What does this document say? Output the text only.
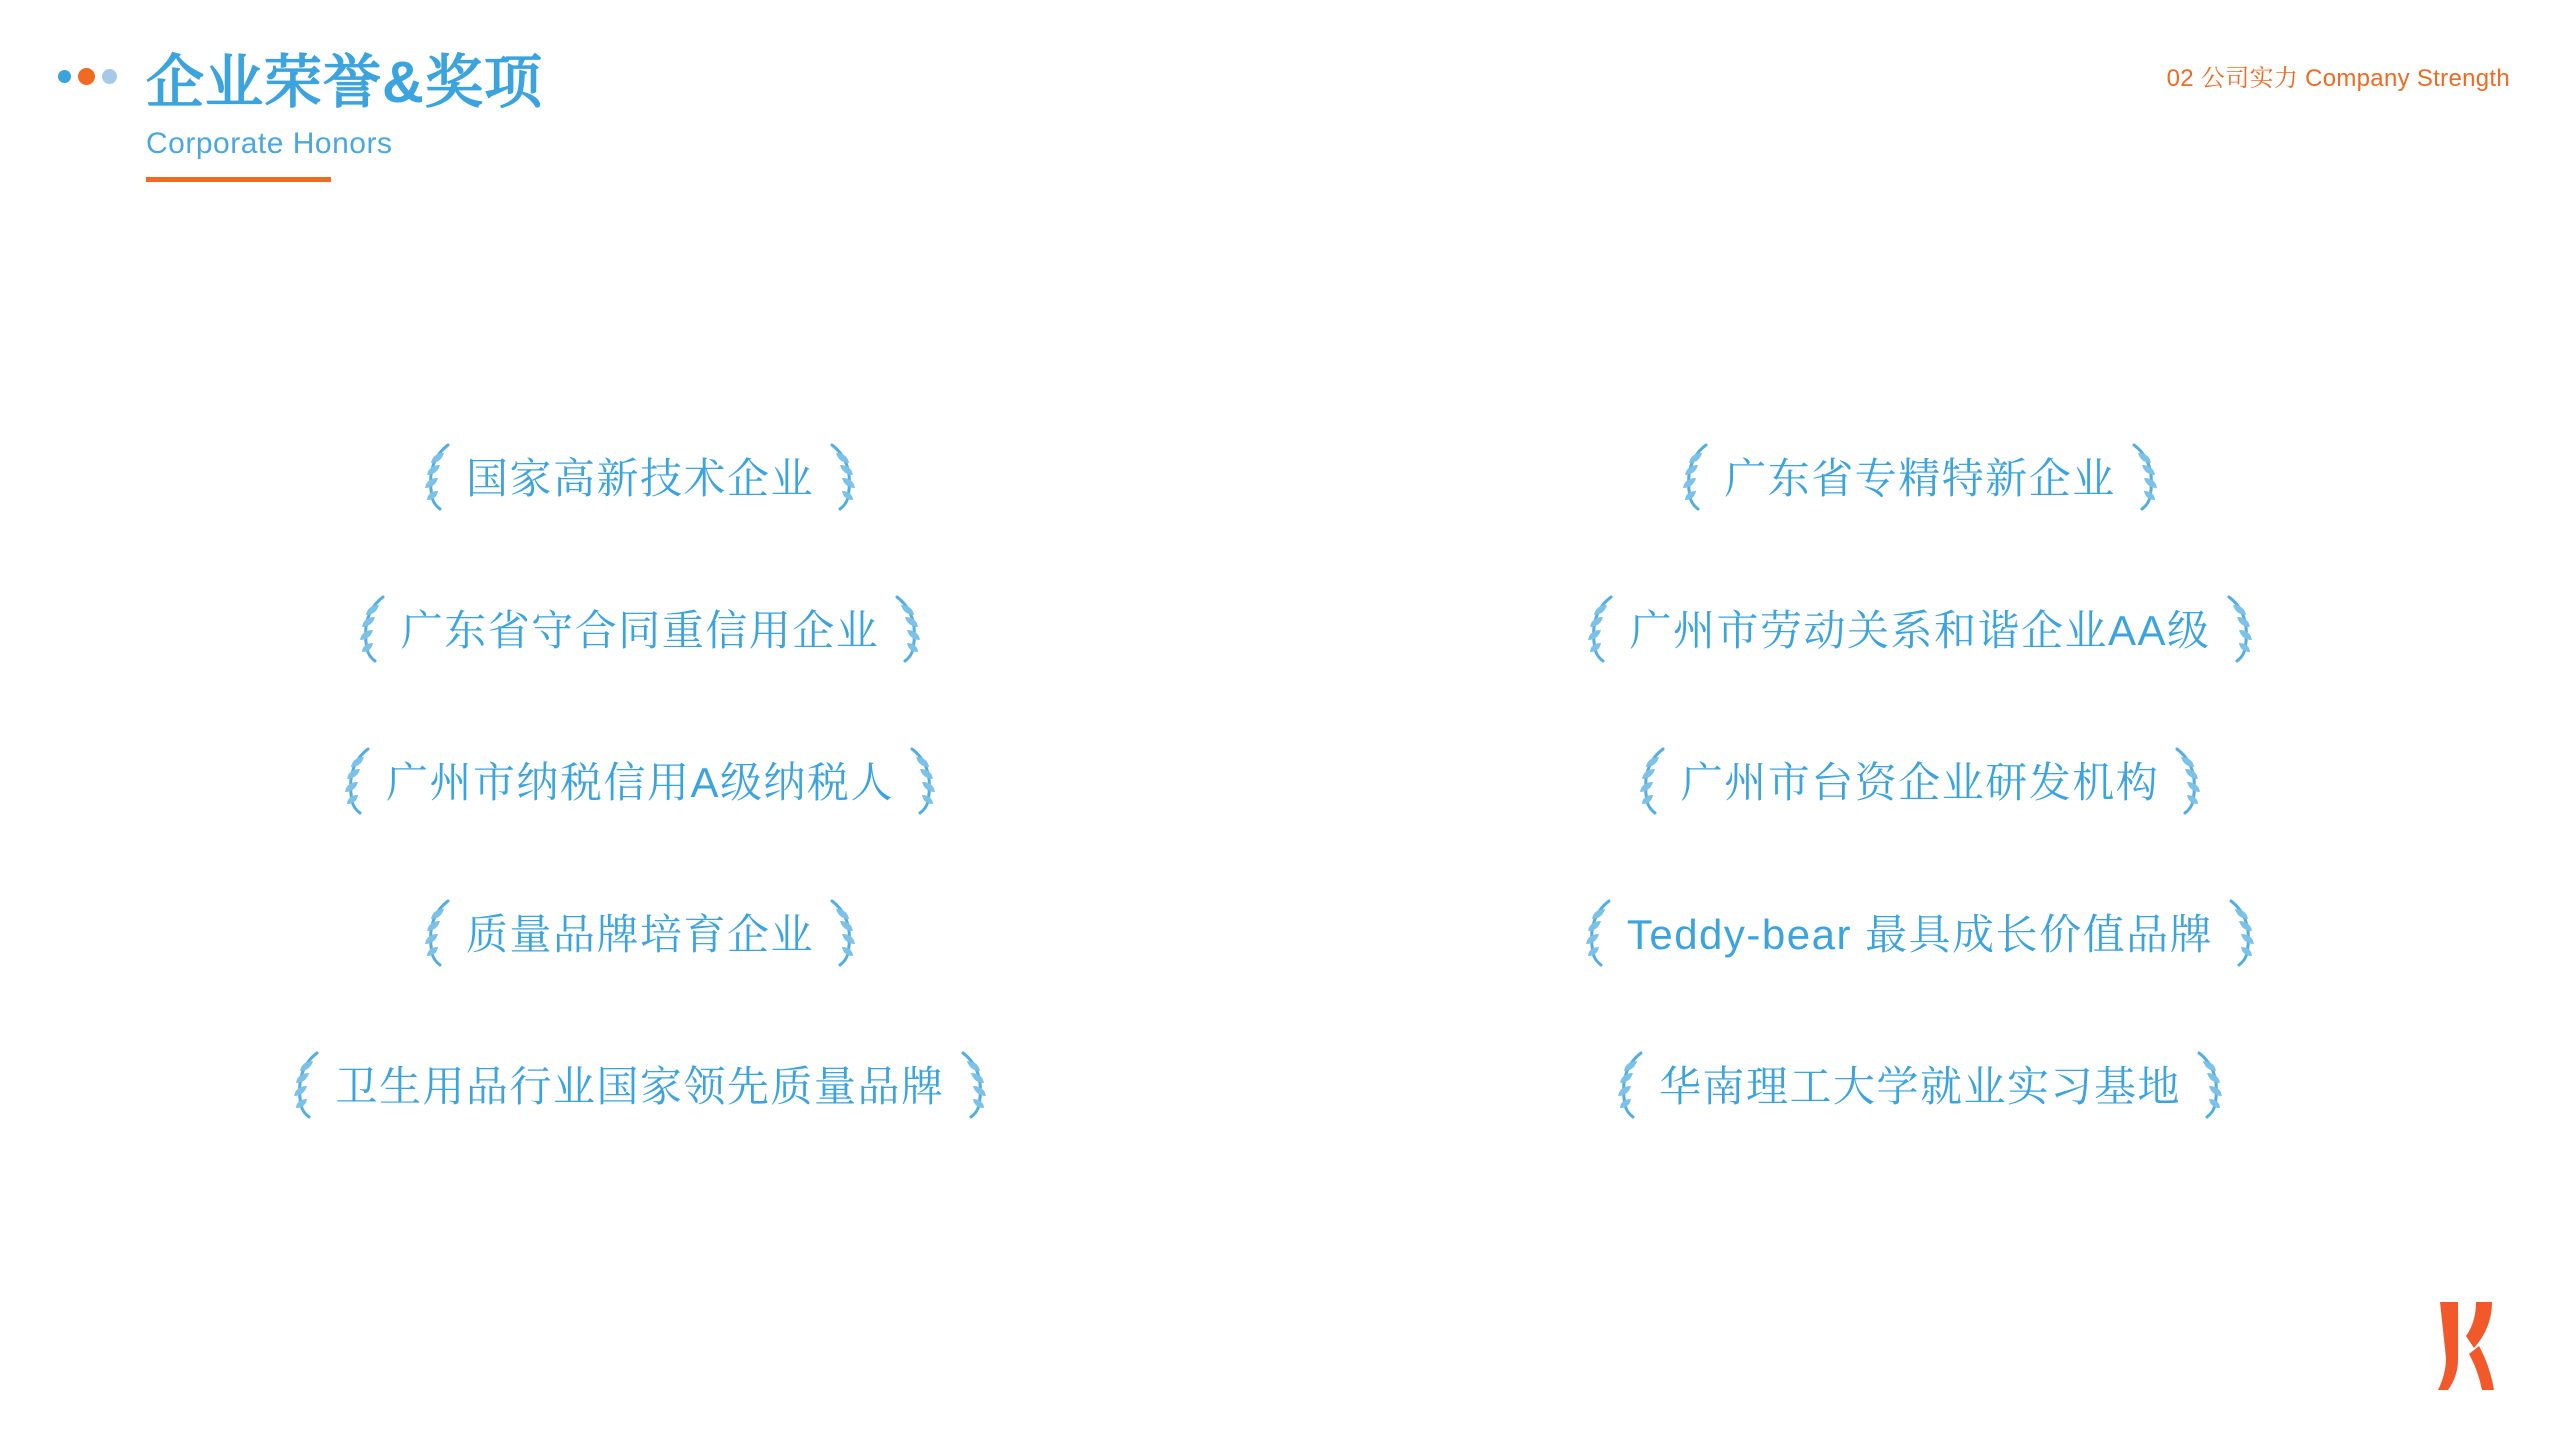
企业荣誉&奖项
Corporate Honors
02 公司实力 Company Strength
国家高新技术企业	广东省专精特新企业
广东省守合同重信用企业	广州市劳动关系和谐企业AA级
广州市纳税信用A级纳税人	广州市台资企业研发机构
质量品牌培育企业	Teddy-bear 最具成长价值品牌
卫生用品行业国家领先质量品牌	华南理工大学就业实习基地
